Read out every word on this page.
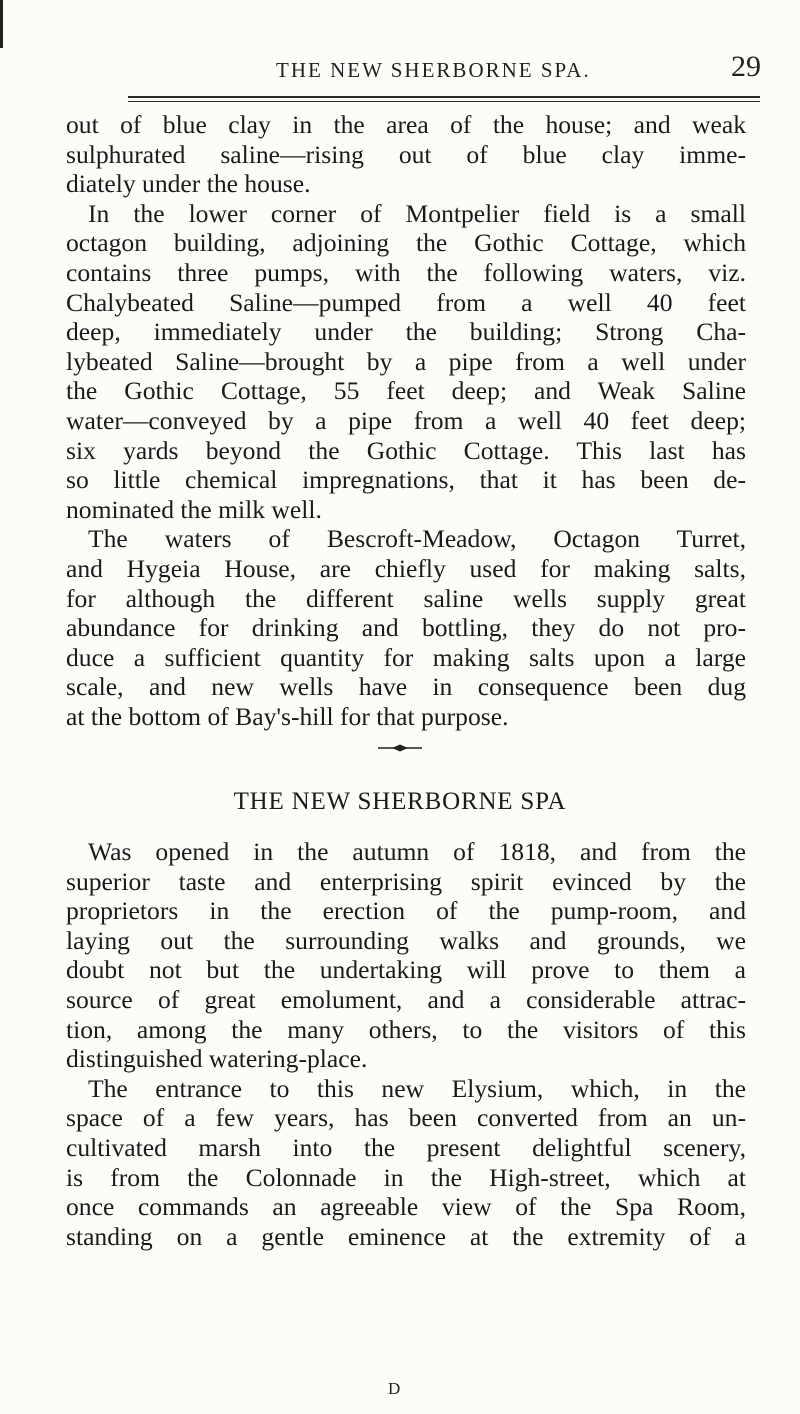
THE NEW SHERBORNE SPA.	29

out of blue clay in the area of the house; and weak
sulphurated saline—rising out of blue clay imme-
diately under the house.

In the lower corner of Montpelier field is a small
octagon building, adjoining the Gothic Cottage, which
contains three pumps, with the following waters, viz.
Chalybeated Saline—pumped from a well 40 feet
deep, immediately under the building; Strong Cha-
lybeated Saline—brought by a pipe from a well under
the Gothic Cottage, 55 feet deep; and Weak Saline
water—conveyed by a pipe from a well 40 feet deep;
six yards beyond the Gothic Cottage. This last has
so little chemical impregnations, that it has been de-
nominated the milk well.

The waters of Bescroft-Meadow, Octagon Turret,
and Hygeia House, are chiefly used for making salts,
for although the different saline wells supply great
abundance for drinking and bottling, they do not pro-
duce a sufficient quantity for making salts upon a large
scale, and new wells have in consequence been dug
at the bottom of Bay's-hill for that purpose.

THE NEW SHERBORNE SPA

Was opened in the autumn of 1818, and from the
superior taste and enterprising spirit evinced by the
proprietors in the erection of the pump-room, and
laying out the surrounding walks and grounds, we
doubt not but the undertaking will prove to them a
source of great emolument, and a considerable attrac-
tion, among the many others, to the visitors of this
distinguished watering-place.

The entrance to this new Elysium, which, in the
space of a few years, has been converted from an un-
cultivated marsh into the present delightful scenery,
is from the Colonnade in the High-street, which at
once commands an agreeable view of the Spa Room,
standing on a gentle eminence at the extremity of a

D
